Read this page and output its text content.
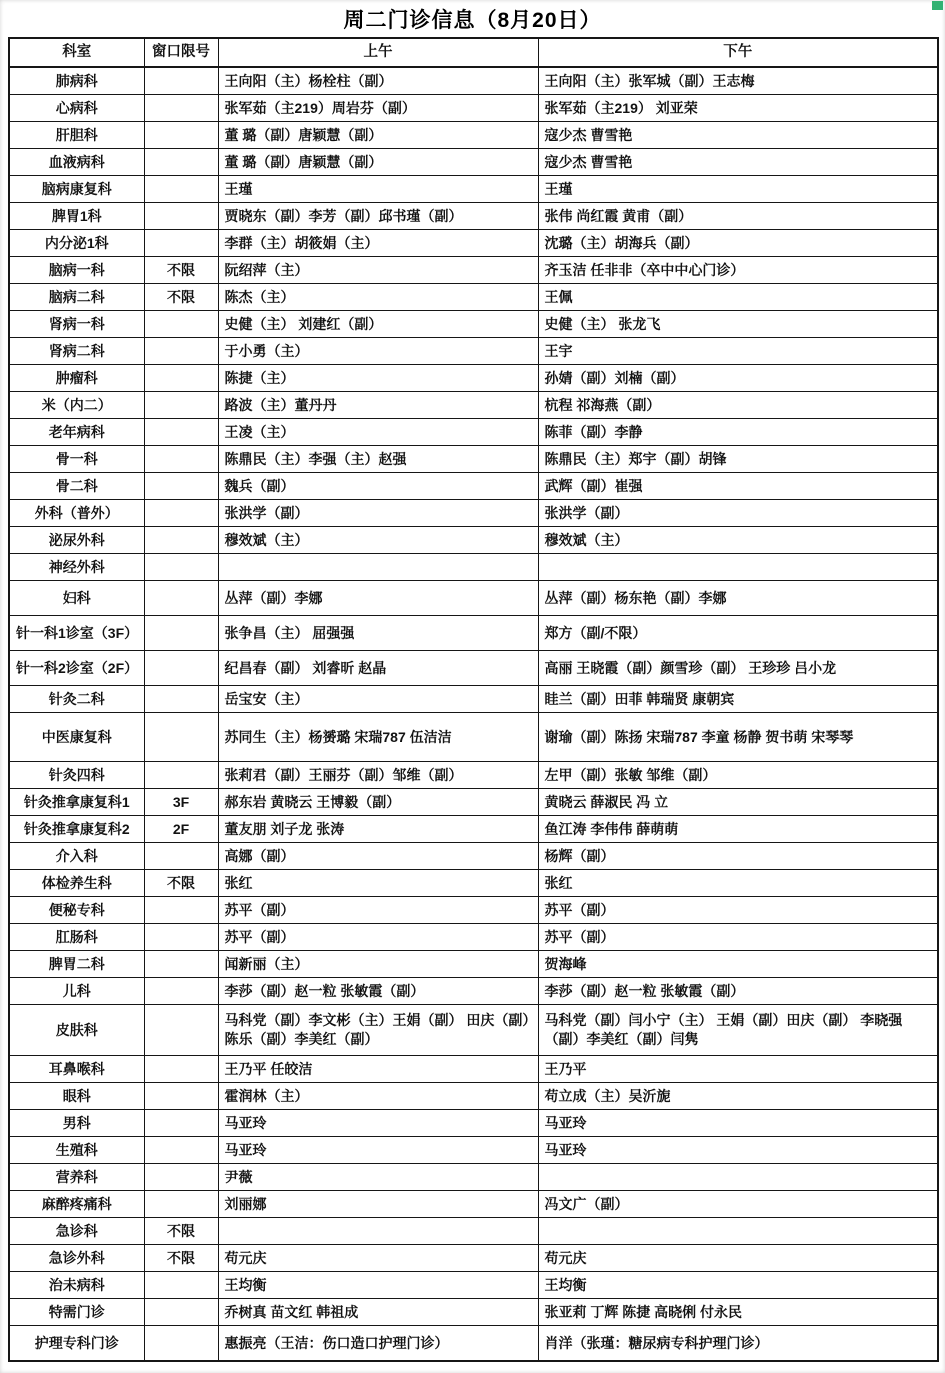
周二门诊信息（8月20日）
科室	窗口限号	上午	下午
肺病科		王向阳（主）杨栓柱（副）	王向阳（主）张军城（副）王志梅
心病科		张军茹（主219）周岩芬（副）	张军茹（主219） 刘亚荣
肝胆科		董 璐（副）唐颖慧（副）	寇少杰 曹雪艳
血液病科		董 璐（副）唐颖慧（副）	寇少杰 曹雪艳
脑病康复科		王瑾	王瑾
脾胃1科		贾晓东（副）李芳（副）邱书瑾（副）	张伟 尚红霞 黄甫（副）
内分泌1科		李群（主）胡筱娟（主）	沈璐（主）胡海兵（副）
脑病一科	不限	阮绍萍（主）	齐玉洁 任非非（卒中中心门诊）
脑病二科	不限	陈杰（主）	王佩
肾病一科		史健（主） 刘建红（副）	史健（主） 张龙飞
肾病二科		于小勇（主）	王宇
肿瘤科		陈捷（主）	孙婧（副）刘楠（副）
米（内二）		路波（主）董丹丹	杭程 祁海燕（副）
老年病科		王凌（主）	陈菲（副）李静
骨一科		陈鼎民（主）李强（主）赵强	陈鼎民（主）郑宇（副）胡锋
骨二科		魏兵（副）	武辉（副）崔强
外科（普外）		张洪学（副）	张洪学（副）
泌尿外科		穆效斌（主）	穆效斌（主）
神经外科			
妇科		丛萍（副）李娜	丛萍（副）杨东艳（副）李娜
针一科1诊室（3F）		张争昌（主） 屈强强	郑方（副/不限）
针一科2诊室（2F）		纪昌春（副） 刘睿昕 赵晶	高丽 王晓霞（副）颜雪珍（副） 王珍珍 吕小龙
针灸二科		岳宝安（主）	眭兰（副）田菲 韩瑞贤 康朝宾
中医康复科		苏同生（主）杨赟璐 宋瑞787 伍洁洁	谢瑜（副）陈扬 宋瑞787 李童 杨静 贺书萌 宋琴琴
针灸四科		张莉君（副）王丽芬（副）邹维（副）	左甲（副）张敏 邹维（副）
针灸推拿康复科1	3F	郝东岩 黄晓云 王博毅（副）	黄晓云 薛淑民 冯 立
针灸推拿康复科2	2F	董友朋 刘子龙 张涛	鱼江涛 李伟伟 薛萌萌
介入科		高娜（副）	杨辉（副）
体检养生科	不限	张红	张红
便秘专科		苏平（副）	苏平（副）
肛肠科		苏平（副）	苏平（副）
脾胃二科		闻新丽（主）	贺海峰
儿科		李莎（副）赵一粒 张敏霞（副）	李莎（副）赵一粒 张敏霞（副）
皮肤科		马科党（副）李文彬（主）王娟（副） 田庆（副）陈乐（副）李美红（副）	马科党（副）闫小宁（主） 王娟（副）田庆（副） 李晓强（副）李美红（副）闫隽
耳鼻喉科		王乃平 任皎洁	王乃平
眼科		霍润林（主）	苟立成（主）吴沂旎
男科		马亚玲	马亚玲
生殖科		马亚玲	马亚玲
营养科		尹薇	
麻醉疼痛科		刘丽娜	冯文广（副）
急诊科	不限		
急诊外科	不限	苟元庆	苟元庆
治未病科		王均衡	王均衡
特需门诊		乔树真 苗文红 韩祖成	张亚莉 丁辉 陈捷 高晓俐 付永民
护理专科门诊		惠振亮（王洁：伤口造口护理门诊）	肖洋（张瑾：糖尿病专科护理门诊）
